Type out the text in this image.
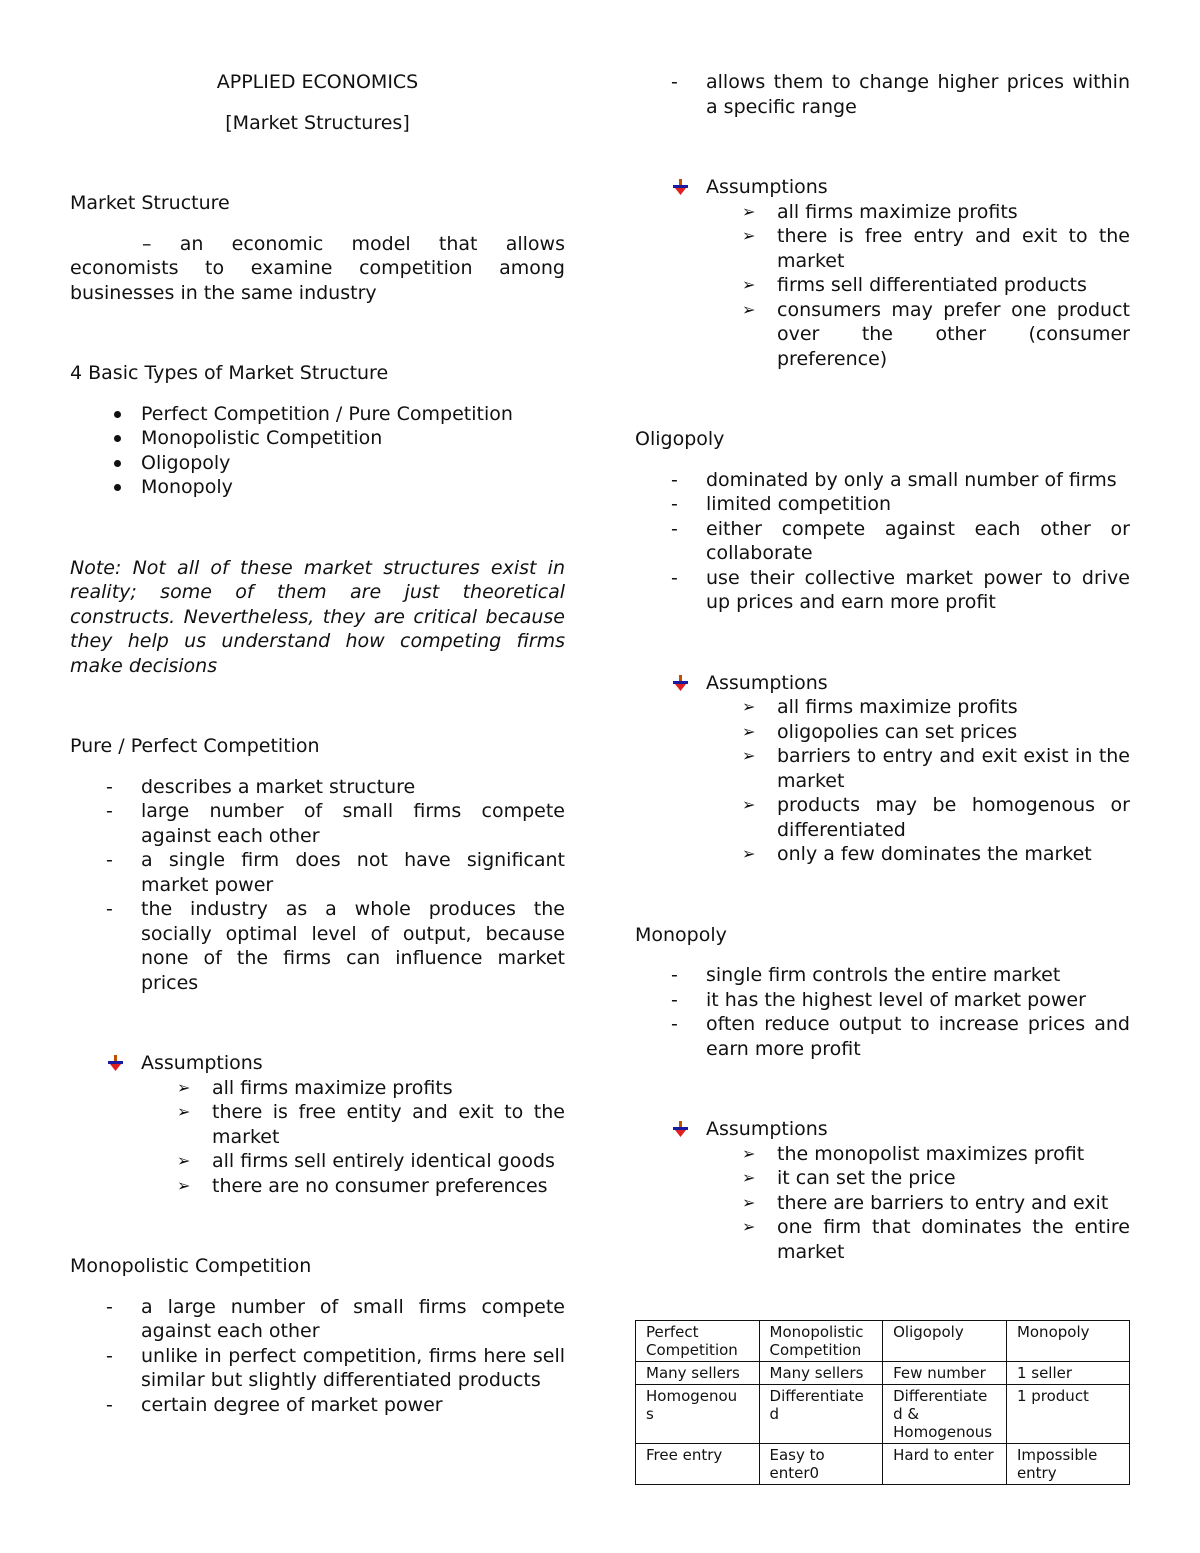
APPLIED ECONOMICS

[Market Structures]

Market Structure

– an economic model that allows economists to examine competition among businesses in the same industry

4 Basic Types of Market Structure

Perfect Competition / Pure Competition
Monopolistic Competition
Oligopoly
Monopoly

Note: Not all of these market structures exist in reality; some of them are just theoretical constructs. Nevertheless, they are critical because they help us understand how competing firms make decisions

Pure / Perfect Competition

- describes a market structure
- large number of small firms compete against each other
- a single firm does not have significant market power
- the industry as a whole produces the socially optimal level of output, because none of the firms can influence market prices

Assumptions

➢ all firms maximize profits
➢ there is free entity and exit to the market
➢ all firms sell entirely identical goods
➢ there are no consumer preferences

Monopolistic Competition

- a large number of small firms compete against each other
- unlike in perfect competition, firms here sell similar but slightly differentiated products
- certain degree of market power
- allows them to change higher prices within a specific range

Assumptions

➢ all firms maximize profits
➢ there is free entry and exit to the market
➢ firms sell differentiated products
➢ consumers may prefer one product over the other (consumer preference)

Oligopoly

- dominated by only a small number of firms
- limited competition
- either compete against each other or collaborate
- use their collective market power to drive up prices and earn more profit

Assumptions

➢ all firms maximize profits
➢ oligopolies can set prices
➢ barriers to entry and exit exist in the market
➢ products may be homogenous or differentiated
➢ only a few dominates the market

Monopoly

- single firm controls the entire market
- it has the highest level of market power
- often reduce output to increase prices and earn more profit

Assumptions

➢ the monopolist maximizes profit
➢ it can set the price
➢ there are barriers to entry and exit
➢ one firm that dominates the entire market
Perfect Competition	Monopolistic Competition	Oligopoly	Monopoly
Many sellers	Many sellers	Few number	1 seller
Homogenou s	Differentiate d	Differentiate d & Homogenous	1 product
Free entry	Easy to enter0	Hard to enter	Impossible entry
